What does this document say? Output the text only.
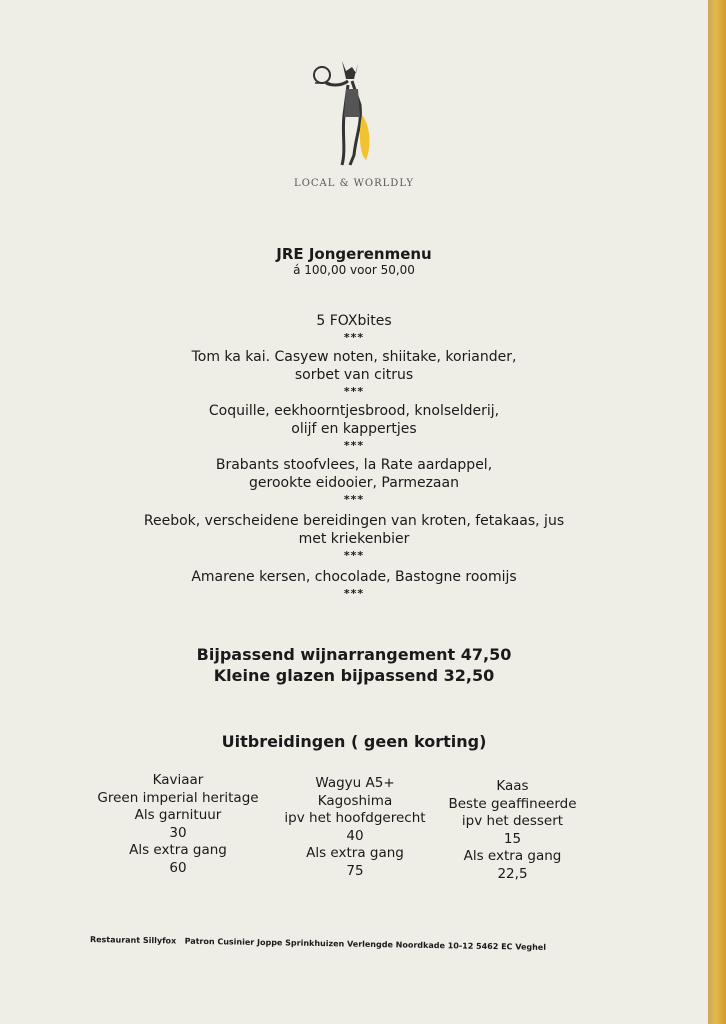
LOCAL & WORLDLY
JRE Jongerenmenu
á 100,00 voor 50,00
5 FOXbites
***
Tom ka kai. Casyew noten, shiitake, koriander,
sorbet van citrus
***
Coquille, eekhoorntjesbrood, knolselderij,
olijf en kappertjes
***
Brabants stoofvlees, la Rate aardappel,
gerookte eidooier, Parmezaan
***
Reebok, verscheidene bereidingen van kroten, fetakaas, jus
met kriekenbier
***
Amarene kersen, chocolade, Bastogne roomijs
***
Bijpassend wijnarrangement 47,50
Kleine glazen bijpassend 32,50
Uitbreidingen ( geen korting)
Kaviaar
Green imperial heritage
Als garnituur
30
Als extra gang
60
Wagyu A5+
Kagoshima
ipv het hoofdgerecht
40
Als extra gang
75
Kaas
Beste geaffineerde
ipv het dessert
15
Als extra gang
22,5
Restaurant Sillyfox Patron Cusinier Joppe Sprinkhuizen Verlengde Noordkade 10-12 5462 EC Veghel
